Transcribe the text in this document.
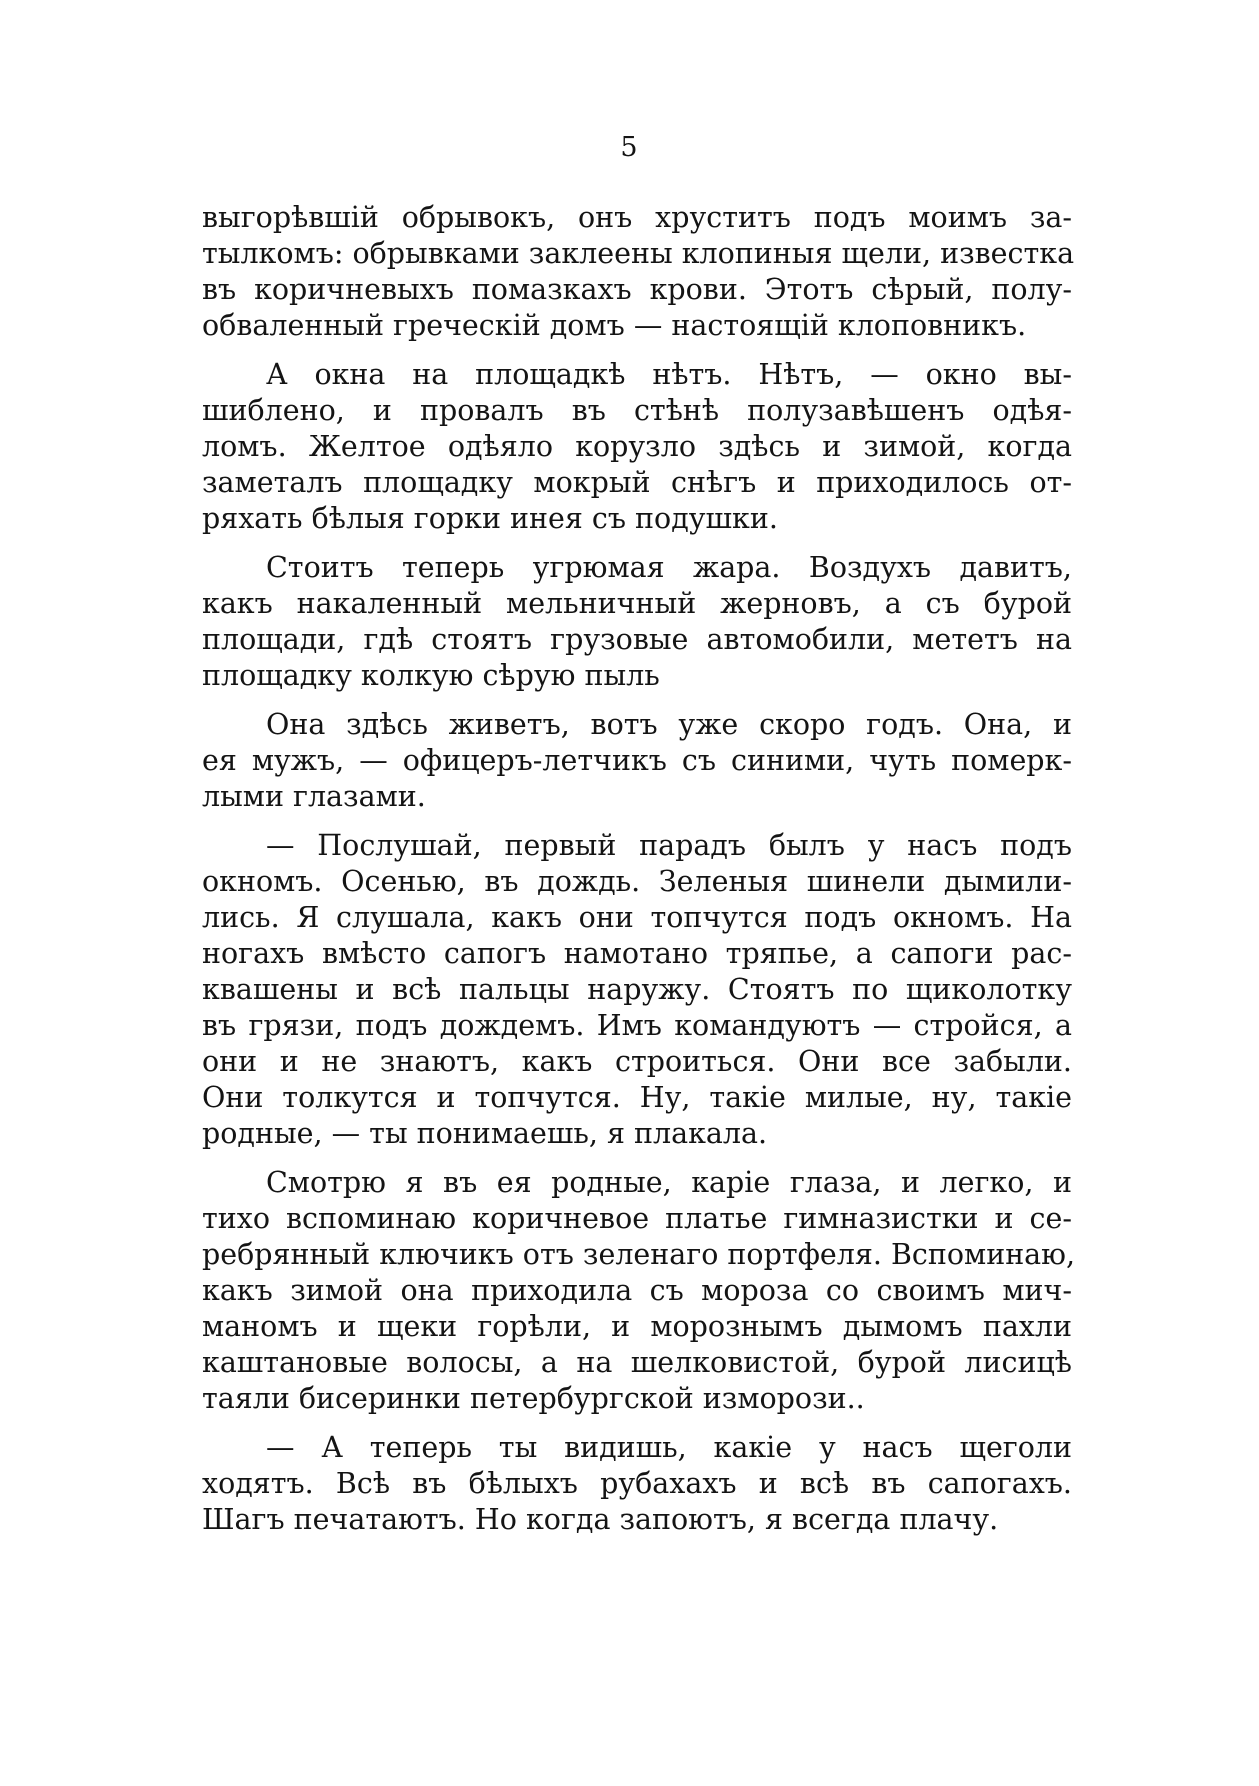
5
выгорѣвшій обрывокъ, онъ хруститъ подъ моимъ за-
тылкомъ: обрывками заклеены клопиныя щели, известка
въ коричневыхъ помазкахъ крови. Этотъ сѣрый, полу-
обваленный греческій домъ — настоящій клоповникъ.
А окна на площадкѣ нѣтъ. Нѣтъ, — окно вы-
шиблено, и провалъ въ стѣнѣ полузавѣшенъ одѣя-
ломъ. Желтое одѣяло корузло здѣсь и зимой, когда
заметалъ площадку мокрый снѣгъ и приходилось от-
ряхать бѣлыя горки инея съ подушки.
Стоитъ теперь угрюмая жара. Воздухъ давитъ,
какъ накаленный мельничный жерновъ, а съ бурой
площади, гдѣ стоятъ грузовые автомобили, мететъ на
площадку колкую сѣрую пыль
Она здѣсь живетъ, вотъ уже скоро годъ. Она, и
ея мужъ, — офицеръ-летчикъ съ синими, чуть померк-
лыми глазами.
— Послушай, первый парадъ былъ у насъ подъ
окномъ. Осенью, въ дождь. Зеленыя шинели дымили-
лись. Я слушала, какъ они топчутся подъ окномъ. На
ногахъ вмѣсто сапогъ намотано тряпье, а сапоги рас-
квашены и всѣ пальцы наружу. Стоятъ по щиколотку
въ грязи, подъ дождемъ. Имъ командуютъ — стройся, а
они и не знаютъ, какъ строиться. Они все забыли.
Они толкутся и топчутся. Ну, такіе милые, ну, такіе
родные, — ты понимаешь, я плакала.
Смотрю я въ ея родные, карiе глаза, и легко, и
тихо вспоминаю коричневое платье гимназистки и се-
ребрянный ключикъ отъ зеленаго портфеля. Вспоминаю,
какъ зимой она приходила съ мороза со своимъ мич-
маномъ и щеки горѣли, и морознымъ дымомъ пахли
каштановые волосы, а на шелковистой, бурой лисицѣ
таяли бисеринки петербургской изморози..
— А теперь ты видишь, какіе у насъ щеголи
ходятъ. Всѣ въ бѣлыхъ рубахахъ и всѣ въ сапогахъ.
Шагъ печатаютъ. Но когда запоютъ, я всегда плачу.
